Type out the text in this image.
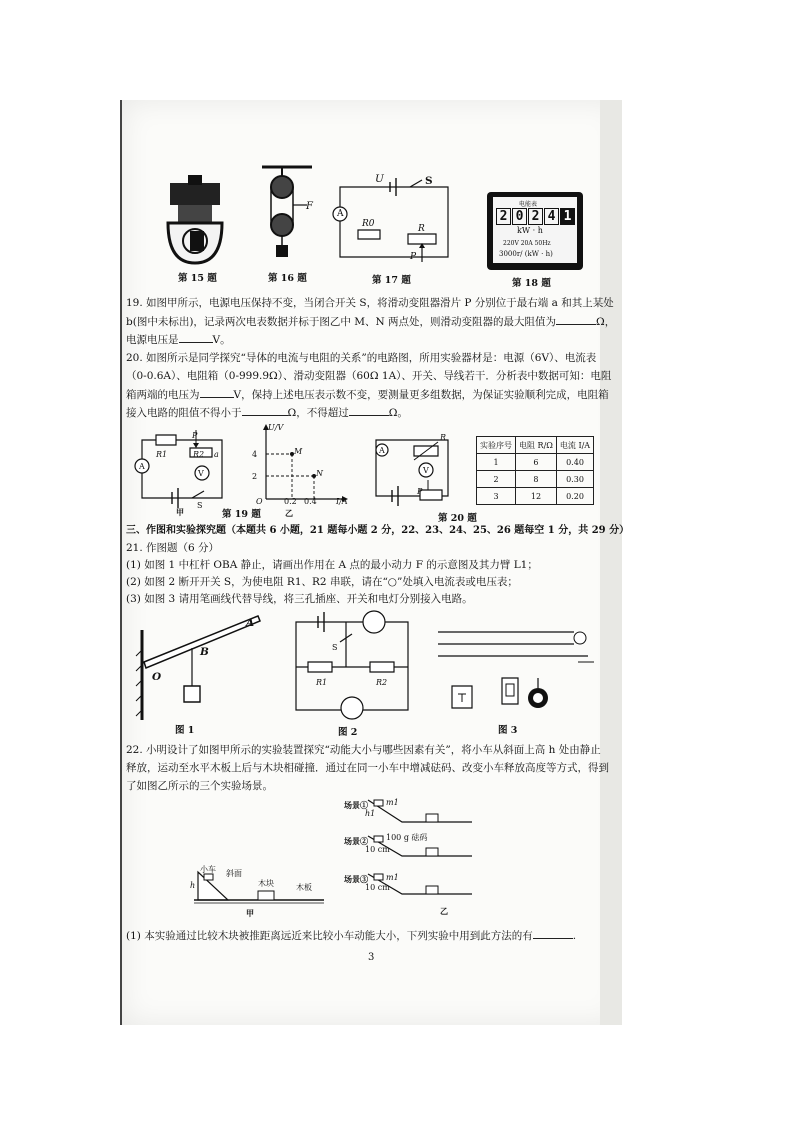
第 15 题
F
第 16 题
U	S
A
R0	R
P
第 17 题
电能表
2 0 2 4 1
kW · h
220V 20A 50Hz
3000r/ (kW · h)
第 18 题
19. 如图甲所示，电源电压保持不变，当闭合开关 S，将滑动变阻器滑片 P 分别位于最右端 a 和其上某处
b(图中未标出)，记录两次电表数据并标于图乙中 M、N 两点处，则滑动变阻器的最大阻值为	Ω，
电源电压是	V。
20. 如图所示是同学探究“导体的电流与电阻的关系”的电路图，所用实验器材是：电源（6V）、电流表
（0-0.6A）、电阻箱（0-999.9Ω）、滑动变阻器（60Ω 1A）、开关、导线若干．分析表中数据可知：电阻
箱两端的电压为	V，保持上述电压表示数不变，要测量更多组数据，为保证实验顺利完成，电阻箱
接入电路的阻值不得小于	Ω，不得超过	Ω。
R1
P
R2 a
A
V
S
甲
U/V
4
2
M
N
O	0.2 0.4 I/A
乙
第 19 题
A
R
V
P
第 20 题
实验序号	电阻 R/Ω	电流 I/A
1	6	0.40
2	8	0.30
3	12	0.20
三、作图和实验探究题（本题共 6 小题，21 题每小题 2 分，22、23、24、25、26 题每空 1 分，共 29 分）
21. 作图题（6 分）
(1) 如图 1 中杠杆 OBA 静止，请画出作用在 A 点的最小动力 F 的示意图及其力臂 L1；
(2) 如图 2 断开开关 S，为使电阻 R1、R2 串联，请在“○”处填入电流表或电压表；
(3) 如图 3 请用笔画线代替导线，将三孔插座、开关和电灯分别接入电路。
A
B
O
图 1
S
R1	R2
图 2	图 3
22. 小明设计了如图甲所示的实验装置探究“动能大小与哪些因素有关”，将小车从斜面上高 h 处由静止
释放，运动至水平木板上后与木块相碰撞．通过在同一小车中增减砝码、改变小车释放高度等方式，得到
了如图乙所示的三个实验场景。
场景① m1
h1
场景② 100 g 砝码
10 cm
场景③ m1
10 cm
乙
小车 斜面
木块	木板
h
甲
(1) 本实验通过比较木块被推距离远近来比较小车动能大小，下列实验中用到此方法的有	.
3
